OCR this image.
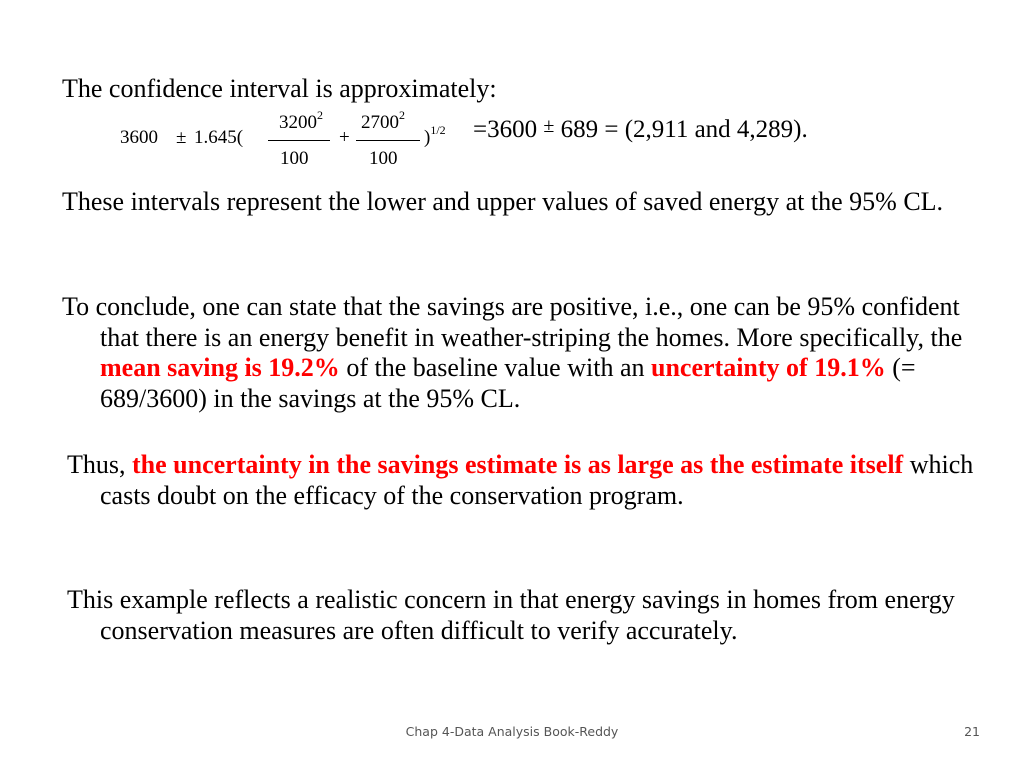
The confidence interval is approximately:
3600 ± 1.645(
3200$^2$
100
+
$2700^2$
100
)$^{1/2}$ =3600 ± 689 = (2,911 and 4,289).
These intervals represent the lower and upper values of saved energy at the 95% CL.
To conclude, one can state that the savings are positive, i.e., one can be 95% confident that there is an energy benefit in weather-striping the homes. More specifically, the mean saving is 19.2% of the baseline value with an uncertainty of 19.1% (= 689/3600) in the savings at the 95% CL.
Thus, the uncertainty in the savings estimate is as large as the estimate itself which casts doubt on the efficacy of the conservation program.
This example reflects a realistic concern in that energy savings in homes from energy conservation measures are often difficult to verify accurately.
Chap 4-Data Analysis Book-Reddy	21
